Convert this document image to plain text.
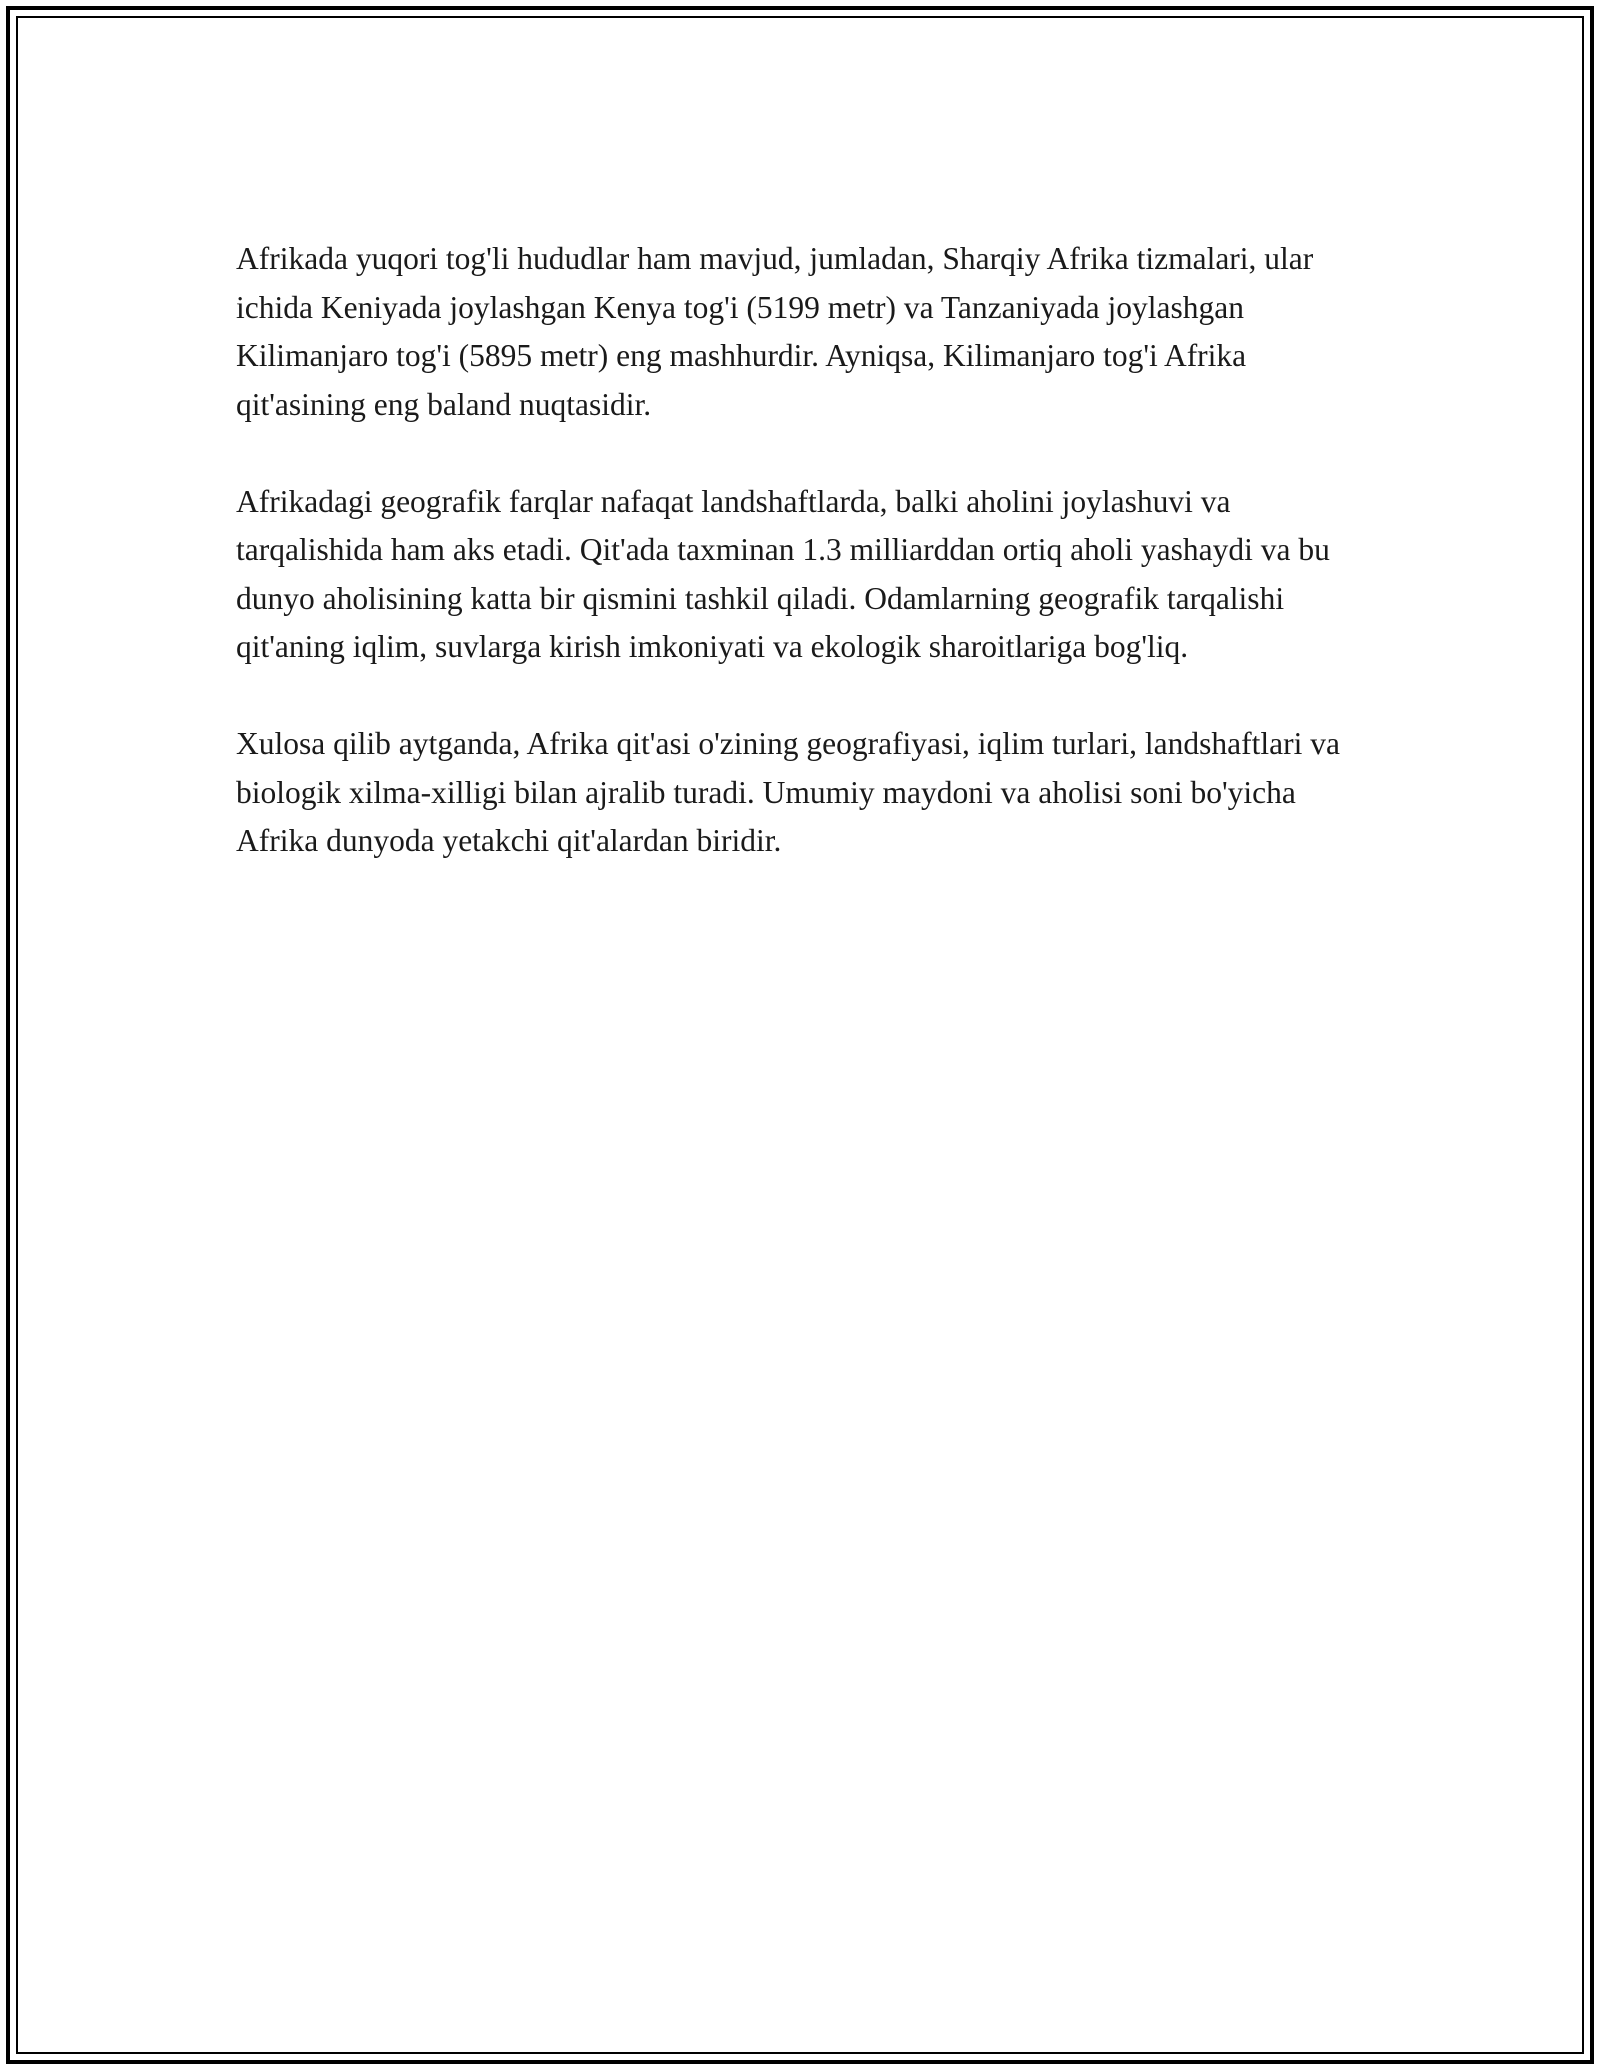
Afrikada yuqori tog'li hududlar ham mavjud, jumladan, Sharqiy Afrika tizmalari, ular ichida Keniyada joylashgan Kenya tog'i (5199 metr) va Tanzaniyada joylashgan Kilimanjaro tog'i (5895 metr) eng mashhurdir. Ayniqsa, Kilimanjaro tog'i Afrika qit'asining eng baland nuqtasidir.

Afrikadagi geografik farqlar nafaqat landshaftlarda, balki aholini joylashuvi va tarqalishida ham aks etadi. Qit'ada taxminan 1.3 milliarddan ortiq aholi yashaydi va bu dunyo aholisining katta bir qismini tashkil qiladi. Odamlarning geografik tarqalishi qit'aning iqlim, suvlarga kirish imkoniyati va ekologik sharoitlariga bog'liq.

Xulosa qilib aytganda, Afrika qit'asi o'zining geografiyasi, iqlim turlari, landshaftlari va biologik xilma-xilligi bilan ajralib turadi. Umumiy maydoni va aholisi soni bo'yicha Afrika dunyoda yetakchi qit'alardan biridir.
